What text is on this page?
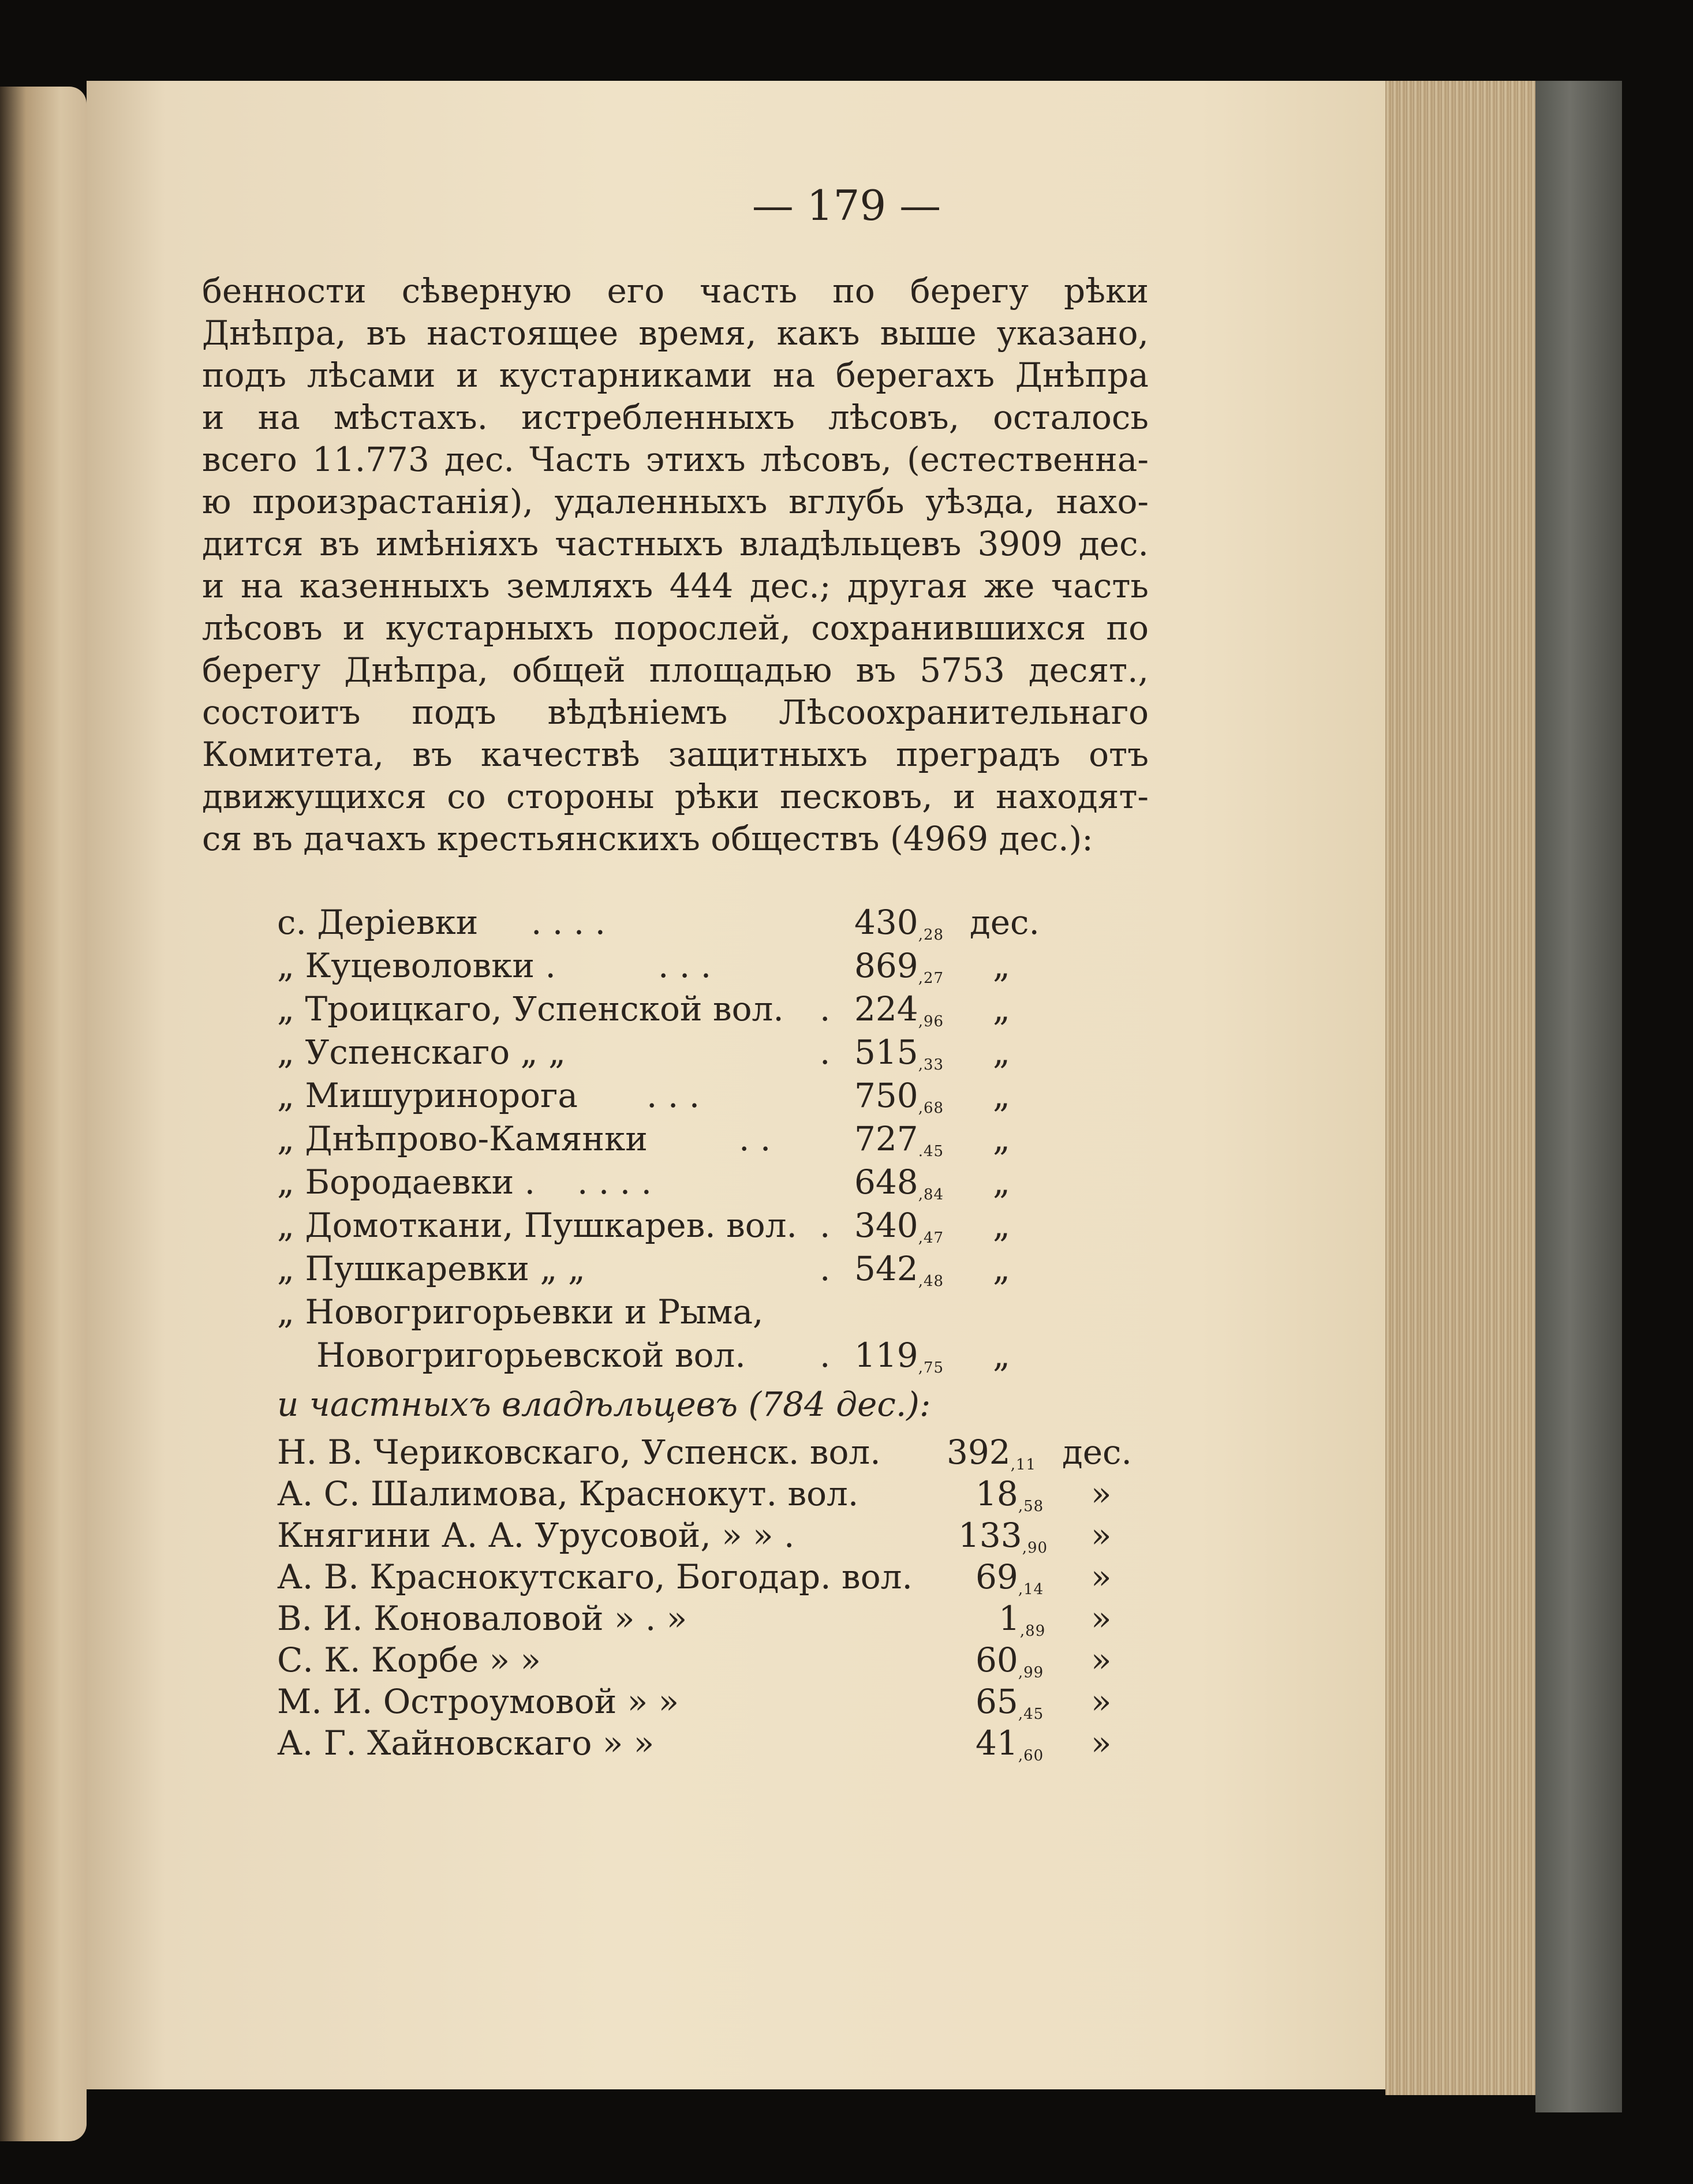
— 179 —
бенности сѣверную его часть по берегу рѣки
Днѣпра, въ настоящее время, какъ выше указано,
подъ лѣсами и кустарниками на берегахъ Днѣпра
и на мѣстахъ. истребленныхъ лѣсовъ, осталось
всего 11.773 дес. Часть этихъ лѣсовъ, (естественна-
ю произрастанія), удаленныхъ вглубь уѣзда, нахо-
дится въ имѣніяхъ частныхъ владѣльцевъ 3909 дес.
и на казенныхъ земляхъ 444 дес.; другая же часть
лѣсовъ и кустарныхъ порослей, сохранившихся по
берегу Днѣпра, общей площадью въ 5753 десят.,
состоитъ подъ вѣдѣніемъ Лѣсоохранительнаго
Комитета, въ качествѣ защитныхъ преградъ отъ
движущихся со стороны рѣки песковъ, и находят-
ся въ дачахъ крестьянскихъ обществъ (4969 дес.):
с. Деріевки . . . .	$430_{,28}$ дес.
„ Куцеволовки .	. . .	$869_{,27}$ „
„ Троицкаго, Успенской вол. . $224_{,96}$ „
„ Успенскаго „ „	. $515_{,33}$ „
„ Мишуринорога . . .	$750_{,68}$ „
„ Днѣпрово-Камянки	. . $727_{.45}$ „
„ Бородаевки . . . . .	$648_{,84}$ „
„ Домоткани, Пушкарев. вол. . $340_{,47}$ „
„ Пушкаревки „ „	. $542_{,48}$ „
„ Новогригорьевки и Рыма,
Новогригорьевской вол. . $119_{,75}$ „
и частныхъ владѣльцевъ (784 дес.):
Н. В. Чериковскаго, Успенск. вол. $392_{,11}$ дес.
А. С. Шалимова, Краснокут. вол.	$18_{,58}$ »
Княгини А. А. Урусовой, » » .	$133_{,90}$ »
А. В. Краснокутскаго, Богодар. вол. $69_{,14}$ »
В. И. Коноваловой » . »	$1_{,89}$ »
С. К. Корбе » »	$60_{,99}$ »
М. И. Остроумовой » »	$65_{,45}$ »
А. Г. Хайновскаго » »	$41_{,60}$ »
